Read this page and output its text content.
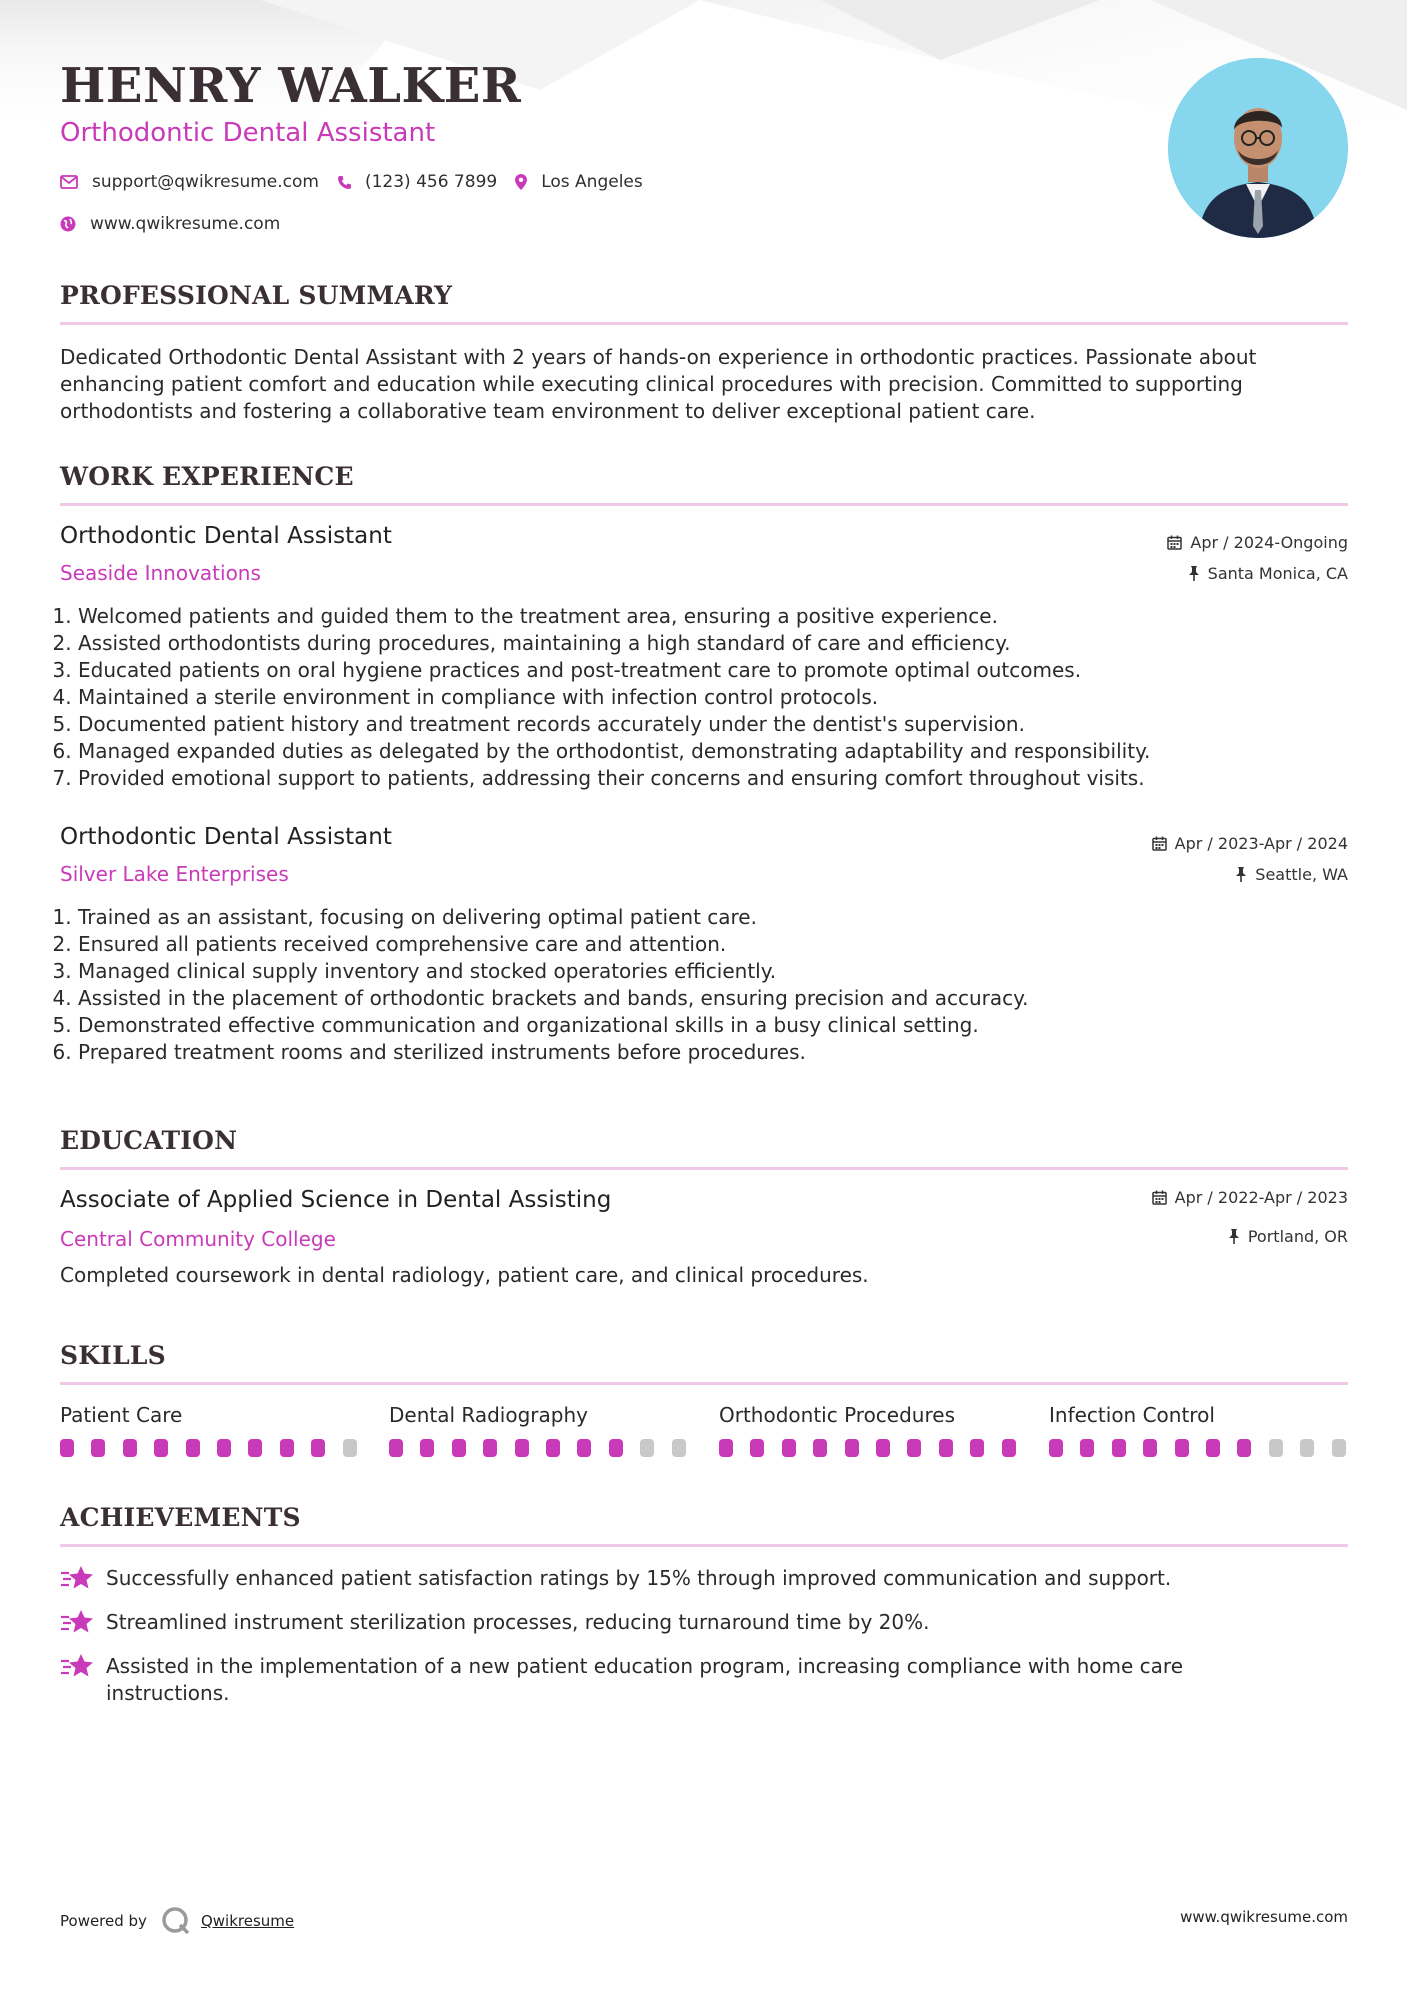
HENRY WALKER
Orthodontic Dental Assistant
support@qwikresume.com	(123) 456 7899	Los Angeles
www.qwikresume.com
PROFESSIONAL SUMMARY
Dedicated Orthodontic Dental Assistant with 2 years of hands-on experience in orthodontic practices. Passionate about enhancing patient comfort and education while executing clinical procedures with precision. Committed to supporting orthodontists and fostering a collaborative team environment to deliver exceptional patient care.
WORK EXPERIENCE
Orthodontic Dental Assistant
Seaside Innovations
Apr / 2024-Ongoing
Santa Monica, CA
1. Welcomed patients and guided them to the treatment area, ensuring a positive experience.
2. Assisted orthodontists during procedures, maintaining a high standard of care and efficiency.
3. Educated patients on oral hygiene practices and post-treatment care to promote optimal outcomes.
4. Maintained a sterile environment in compliance with infection control protocols.
5. Documented patient history and treatment records accurately under the dentist's supervision.
6. Managed expanded duties as delegated by the orthodontist, demonstrating adaptability and responsibility.
7. Provided emotional support to patients, addressing their concerns and ensuring comfort throughout visits.
Orthodontic Dental Assistant
Silver Lake Enterprises
Apr / 2023-Apr / 2024
Seattle, WA
1. Trained as an assistant, focusing on delivering optimal patient care.
2. Ensured all patients received comprehensive care and attention.
3. Managed clinical supply inventory and stocked operatories efficiently.
4. Assisted in the placement of orthodontic brackets and bands, ensuring precision and accuracy.
5. Demonstrated effective communication and organizational skills in a busy clinical setting.
6. Prepared treatment rooms and sterilized instruments before procedures.
EDUCATION
Associate of Applied Science in Dental Assisting
Central Community College
Apr / 2022-Apr / 2023
Portland, OR
Completed coursework in dental radiology, patient care, and clinical procedures.
SKILLS
Patient Care	Dental Radiography	Orthodontic Procedures	Infection Control
ACHIEVEMENTS
Successfully enhanced patient satisfaction ratings by 15% through improved communication and support.
Streamlined instrument sterilization processes, reducing turnaround time by 20%.
Assisted in the implementation of a new patient education program, increasing compliance with home care instructions.
Powered by	Qwikresume	www.qwikresume.com
